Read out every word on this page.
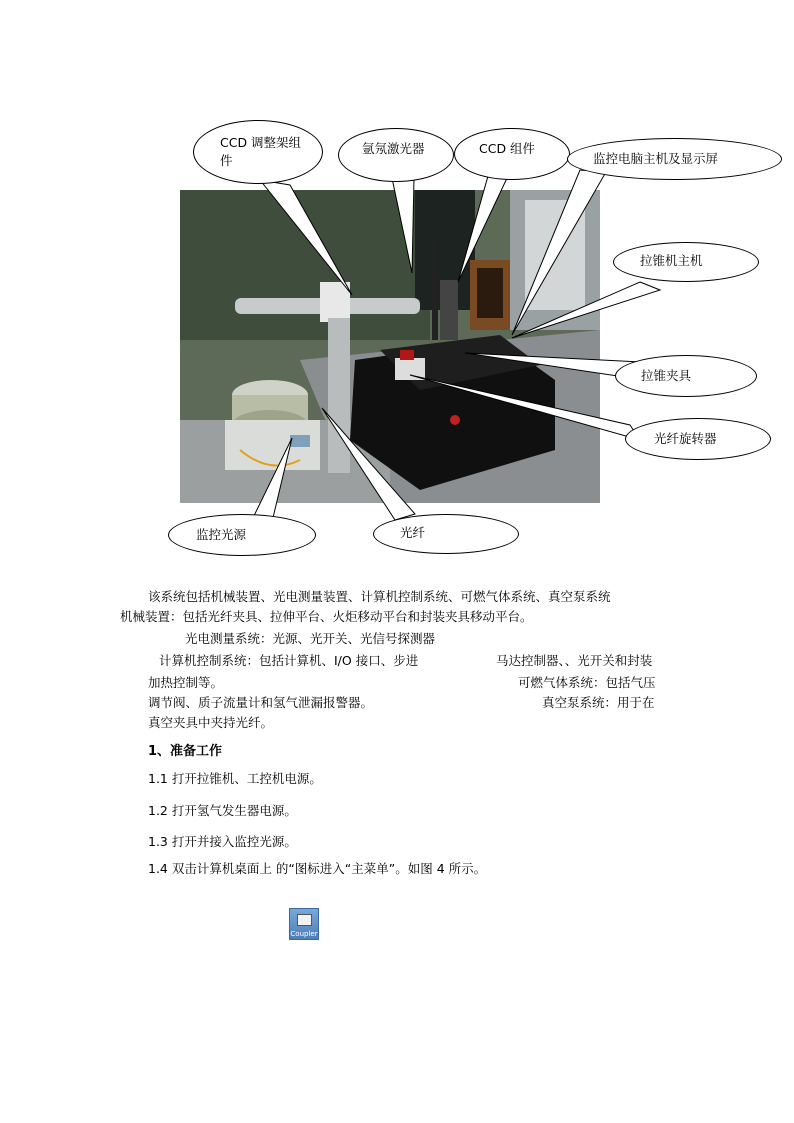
CCD 调整架组
件
氩氖激光器	CCD 组件
监控电脑主机及显示屏
拉锥机主机
拉锥夹具
光纤旋转器
监控光源	光纤
该系统包括机械装置、光电测量装置、计算机控制系统、可燃气体系统、真空泵系统
机械装置：包括光纤夹具、拉伸平台、火炬移动平台和封装夹具移动平台。
光电测量系统：光源、光开关、光信号探测器
计算机控制系统：包括计算机、I/O 接口、步进	马达控制器、、光开关和封装
加热控制等。	可燃气体系统：包括气压
调节阀、质子流量计和氢气泄漏报警器。	真空泵系统：用于在
真空夹具中夹持光纤。
1、准备工作
1.1 打开拉锥机、工控机电源。
1.2 打开氢气发生器电源。
1.3 打开并接入监控光源。
1.4 双击计算机桌面上 的“图标进入“主菜单”。如图 4 所示。
Coupler
